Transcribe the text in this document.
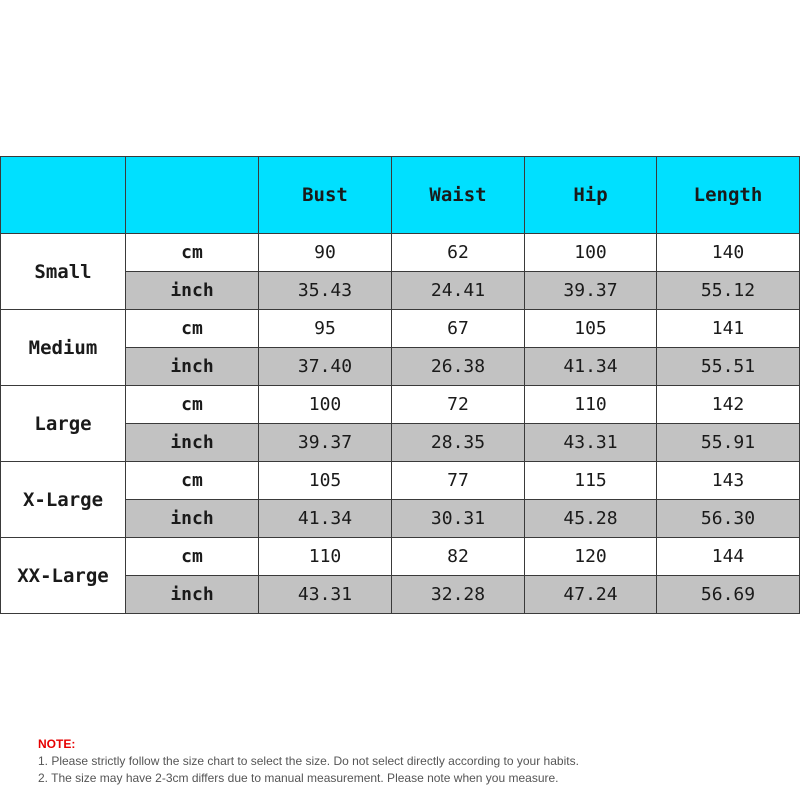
		Bust	Waist	Hip	Length
Small	cm	90	62	100	140
	inch	35.43	24.41	39.37	55.12
Medium	cm	95	67	105	141
	inch	37.40	26.38	41.34	55.51
Large	cm	100	72	110	142
	inch	39.37	28.35	43.31	55.91
X-Large	cm	105	77	115	143
	inch	41.34	30.31	45.28	56.30
XX-Large	cm	110	82	120	144
	inch	43.31	32.28	47.24	56.69
NOTE:
1. Please strictly follow the size chart to select the size. Do not select directly according to your habits.
2. The size may have 2-3cm differs due to manual measurement. Please note when you measure.
